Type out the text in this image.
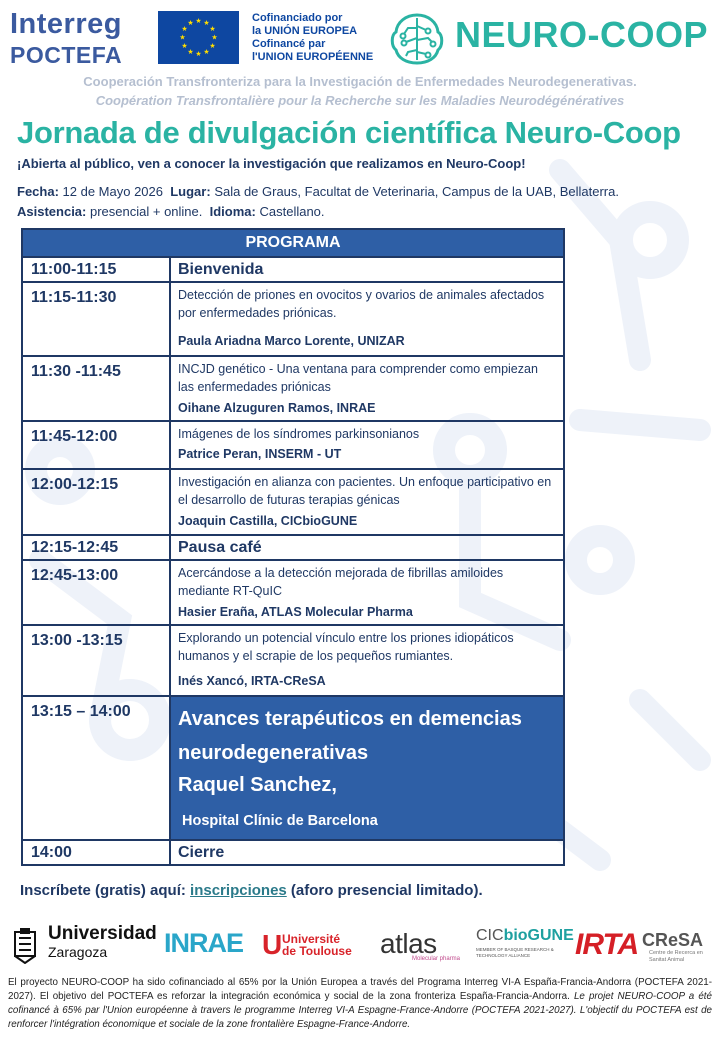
Interreg
POCTEFA
★ ★
★
★
★
★
★
★
★
★
★
★	Cofinanciado por
la UNIÓN EUROPEA
Cofinancé par
l'UNION EUROPÉENNE
NEURO-COOP
Cooperación Transfronteriza para la Investigación de Enfermedades Neurodegenerativas.
Coopération Transfrontalière pour la Recherche sur les Maladies Neurodégénératives
Jornada de divulgación científica Neuro-Coop
¡Abierta al público, ven a conocer la investigación que realizamos en Neuro-Coop!
Fecha: 12 de Mayo 2026 Lugar: Sala de Graus, Facultat de Veterinaria, Campus de la UAB, Bellaterra.
Asistencia: presencial + online. Idioma: Castellano.
PROGRAMA	
11:00-11:15	Bienvenida
11:15-11:30	Detección de priones en ovocitos y ovarios de animales afectados por enfermedades priónicas.
Paula Ariadna Marco Lorente, UNIZAR

11:30 -11:45	INCJD genético - Una ventana para comprender como empiezan las enfermedades priónicas
Oihane Alzuguren Ramos, INRAE

11:45-12:00	Imágenes de los síndromes parkinsonianos
Patrice Peran, INSERM - UT

12:00-12:15	Investigación en alianza con pacientes. Un enfoque participativo en el desarrollo de futuras terapias génicas
Joaquin Castilla, CICbioGUNE

12:15-12:45	Pausa café
12:45-13:00	Acercándose a la detección mejorada de fibrillas amiloides mediante RT-QuIC
Hasier Eraña, ATLAS Molecular Pharma

13:00 -13:15	Explorando un potencial vínculo entre los priones idiopáticos humanos y el scrapie de los pequeños rumiantes.
Inés Xancó, IRTA-CReSA

13:15 – 14:00	Avances terapéuticos en demencias neurodegenerativas
Raquel Sanchez,
Hospital Clínic de Barcelona

14:00	Cierre
Inscríbete (gratis) aquí: inscripciones (aforo presencial limitado).
Universidad
Zaragoza INRAE U Université
de Toulouse atlas
Molecular pharma
CICbioGUNE
MEMBER OF BASQUE RESEARCH & TECHNOLOGY ALLIANCE	IRTA CReSA
Centre de Recerca en Sanitat Animal
El proyecto NEURO-COOP ha sido cofinanciado al 65% por la Unión Europea a través del Programa Interreg VI-A España-Francia-Andorra (POCTEFA 2021-2027). El objetivo del POCTEFA es reforzar la integración económica y social de la zona fronteriza España-Francia-Andorra. Le projet NEURO-COOP a été cofinancé à 65% par l'Union européenne à travers le programme Interreg VI-A Espagne-France-Andorre (POCTEFA 2021-2027). L'objectif du POCTEFA est de renforcer l'intégration économique et sociale de la zone frontalière Espagne-France-Andorre.
